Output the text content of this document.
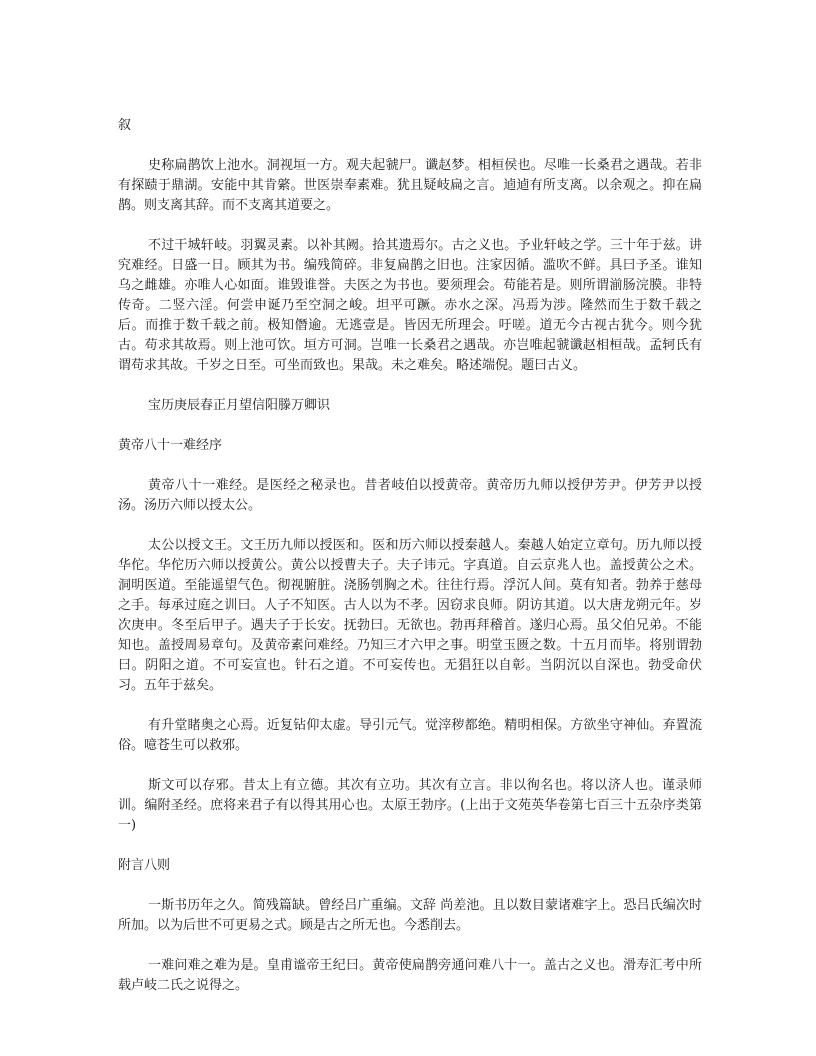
叙

史称扁鹊饮上池水。洞视垣一方。观夫起虢尸。谶赵梦。相桓侯也。尽唯一长桑君之遇哉。若非有探赜于鼎湖。安能中其肯綮。世医崇奉素难。犹且疑岐扁之言。逌逌有所支离。以余观之。抑在扁鹊。则支离其辞。而不支离其道要之。

不过干城轩岐。羽翼灵素。以补其阙。拾其遗焉尔。古之义也。予业轩岐之学。三十年于兹。讲究难经。日盛一日。顾其为书。编残简碎。非复扁鹊之旧也。注家因循。滥吹不鲜。具曰予圣。谁知乌之雌雄。亦唯人心如面。谁毁谁誉。夫医之为书也。要须理会。苟能若是。则所谓湔肠浣膜。非特传奇。二竖六淫。何尝申诞乃至空洞之峻。坦平可蹶。赤水之深。冯焉为涉。隆然而生于数千载之后。而推于数千载之前。极知僭逾。无逃壹是。皆因无所理会。吁嗟。道无今古视古犹今。则今犹古。苟求其故焉。则上池可饮。垣方可洞。岂唯一长桑君之遇哉。亦岂唯起虢谶赵相桓哉。孟轲氏有谓苟求其故。千岁之日至。可坐而致也。果哉。未之难矣。略述端倪。题曰古义。

宝历庚辰春正月望信阳滕万卿识

黄帝八十一难经序

黄帝八十一难经。是医经之秘录也。昔者岐伯以授黄帝。黄帝历九师以授伊芳尹。伊芳尹以授汤。汤历六师以授太公。

太公以授文王。文王历九师以授医和。医和历六师以授秦越人。秦越人始定立章句。历九师以授华佗。华佗历六师以授黄公。黄公以授曹夫子。夫子讳元。字真道。自云京兆人也。盖授黄公之术。洞明医道。至能遥望气色。彻视腑脏。浇肠刳胸之术。往往行焉。浮沉人间。莫有知者。勃养于慈母之手。每承过庭之训曰。人子不知医。古人以为不孝。因窃求良师。阴访其道。以大唐龙朔元年。岁次庚申。冬至后甲子。遇夫子于长安。抚勃曰。无欲也。勃再拜稽首。遂归心焉。虽父伯兄弟。不能知也。盖授周易章句。及黄帝素问难经。乃知三才六甲之事。明堂玉匮之数。十五月而毕。将别谓勃曰。阴阳之道。不可妄宣也。针石之道。不可妄传也。无猖狂以自彰。当阴沉以自深也。勃受命伏习。五年于兹矣。

有升堂睹奥之心焉。近复钻仰太虚。导引元气。觉滓秽都绝。精明相保。方欲坐守神仙。弃置流俗。噫苍生可以救邪。

斯文可以存邪。昔太上有立德。其次有立功。其次有立言。非以徇名也。将以济人也。谨录师训。编附圣经。庶将来君子有以得其用心也。太原王勃序。(上出于文苑英华卷第七百三十五杂序类第一)

附言八则

一斯书历年之久。简残篇缺。曾经吕广重编。文辞 尚差池。且以数目蒙诸难字上。恐吕氏编次时所加。以为后世不可更易之式。顾是古之所无也。今悉削去。

一难问难之难为是。皇甫谧帝王纪曰。黄帝使扁鹊旁通问难八十一。盖古之义也。滑寿汇考中所载卢岐二氏之说得之。
